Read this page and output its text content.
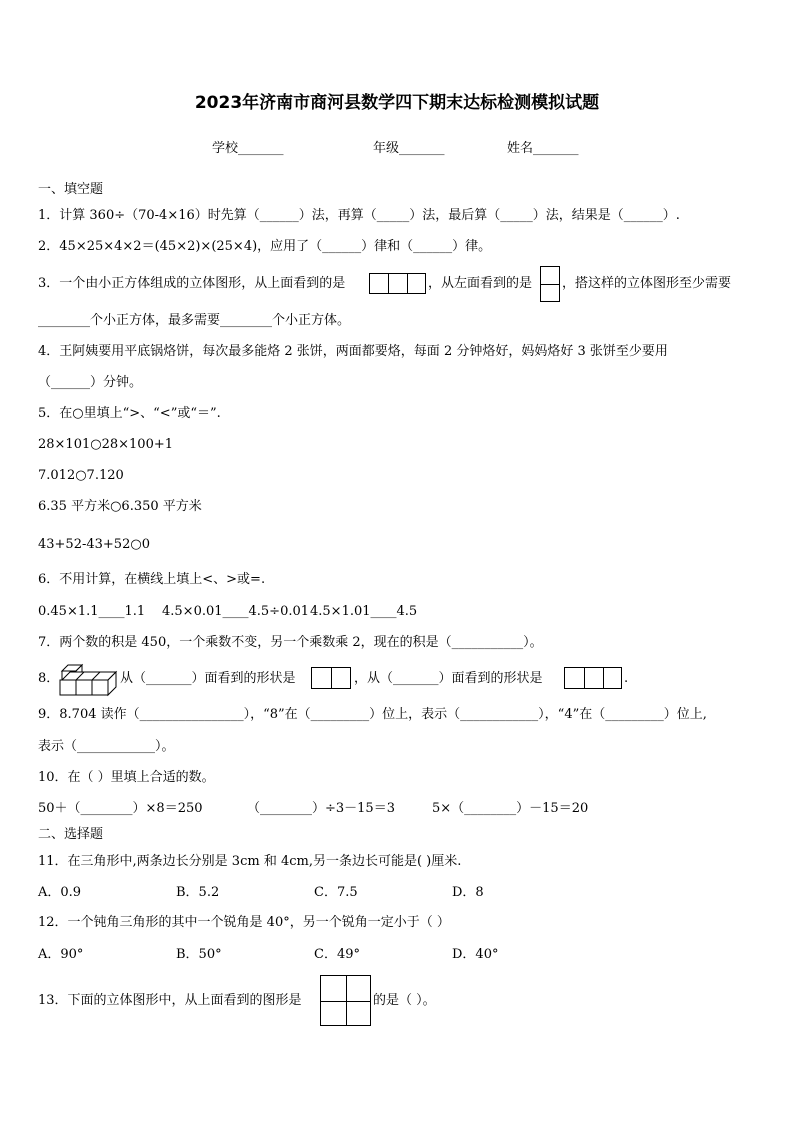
2023年济南市商河县数学四下期末达标检测模拟试题
学校_______	年级_______	姓名_______
一、填空题
1．计算 360÷（70-4×16）时先算（______）法，再算（_____）法，最后算（_____）法，结果是（______）.
2．45×25×4×2＝(45×2)×(25×4)，应用了（______）律和（______）律。
3．一个由小正方体组成的立体图形，从上面看到的是	，从左面看到的是 ，搭这样的立体图形至少需要
________个小正方体，最多需要________个小正方体。
4．王阿姨要用平底锅烙饼，每次最多能烙 2 张饼，两面都要烙，每面 2 分钟烙好，妈妈烙好 3 张饼至少要用
（______）分钟。
5．在○里填上“>、“<”或“＝”.
28×101○28×100+1
7.012○7.120
6.35 平方米○6.350 平方米
43+52-43+52○0
6．不用计算，在横线上填上<、>或=.
0.45×1.1____1.1 4.5×0.01____4.5÷0.01 4.5×1.01____4.5
7．两个数的积是 450，一个乘数不变，另一个乘数乘 2，现在的积是（___________）。
8．	从（_______）面看到的形状是	，从（_______）面看到的形状是	.
9．8.704 读作（________________），“8”在（_________）位上，表示（____________），“4”在（_________）位上,
表示（____________）。
10．在（ ）里填上合适的数。
50＋（________）×8＝250	（________）÷3－15＝3	5×（________）－15＝20
二、选择题
11．在三角形中,两条边长分别是 3cm 和 4cm,另一条边长可能是( )厘米.
A．0.9	B．5.2	C．7.5	D．8
12．一个钝角三角形的其中一个锐角是 40°，另一个锐角一定小于（ ）
A．90°	B．50°	C．49°	D．40°
13．下面的立体图形中，从上面看到的图形是	的是（ ）。
